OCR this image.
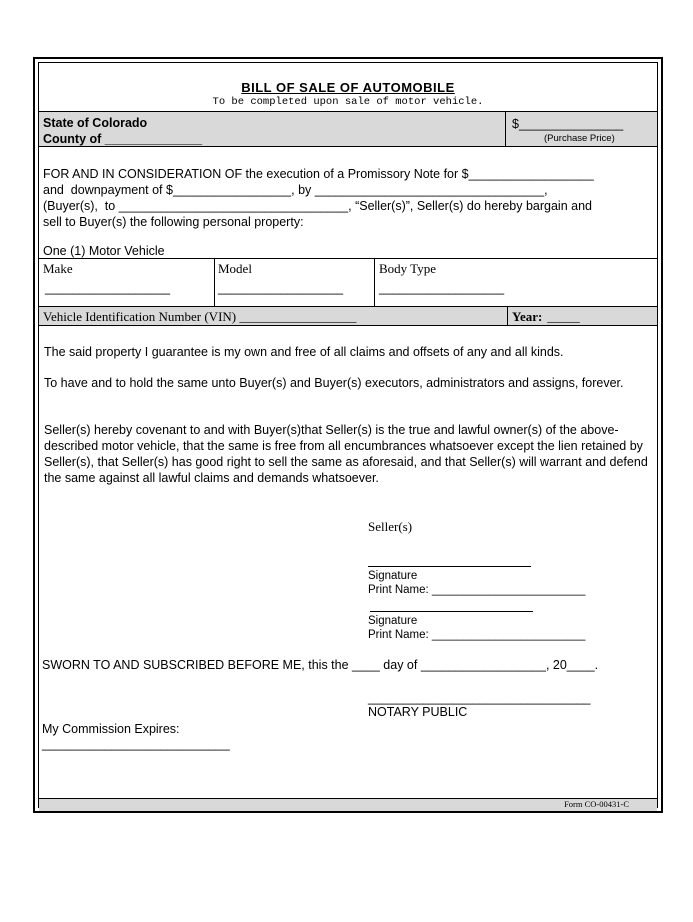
BILL OF SALE OF AUTOMOBILE
To be completed upon sale of motor vehicle.
State of Colorado
County of ______________
$_______________
(Purchase Price)
FOR AND IN CONSIDERATION OF the execution of a Promissory Note for $__________________
and  downpayment of $_________________, by _________________________________,
(Buyer(s),  to _________________________________, “Seller(s)”, Seller(s) do hereby bargain and
sell to Buyer(s) the following personal property:
One (1) Motor Vehicle
Make
__________________
Model
__________________
Body Type
__________________
Vehicle Identification Number (VIN) __________________	Year: _____
The said property I guarantee is my own and free of all claims and offsets of any and all kinds.
To have and to hold the same unto Buyer(s) and Buyer(s) executors, administrators and assigns, forever.
Seller(s) hereby covenant to and with Buyer(s)that Seller(s) is the true and lawful owner(s) of the above-described motor vehicle, that the same is free from all encumbrances whatsoever except the lien retained by Seller(s), that Seller(s) has good right to sell the same as aforesaid, and that Seller(s) will warrant and defend the same against all lawful claims and demands whatsoever.
Seller(s)
Signature
Print Name: ________________________
Signature
Print Name: ________________________
SWORN TO AND SUBSCRIBED BEFORE ME, this the ____ day of __________________, 20____.
________________________________
NOTARY PUBLIC
My Commission Expires:
___________________________
Form CO-00431-C
